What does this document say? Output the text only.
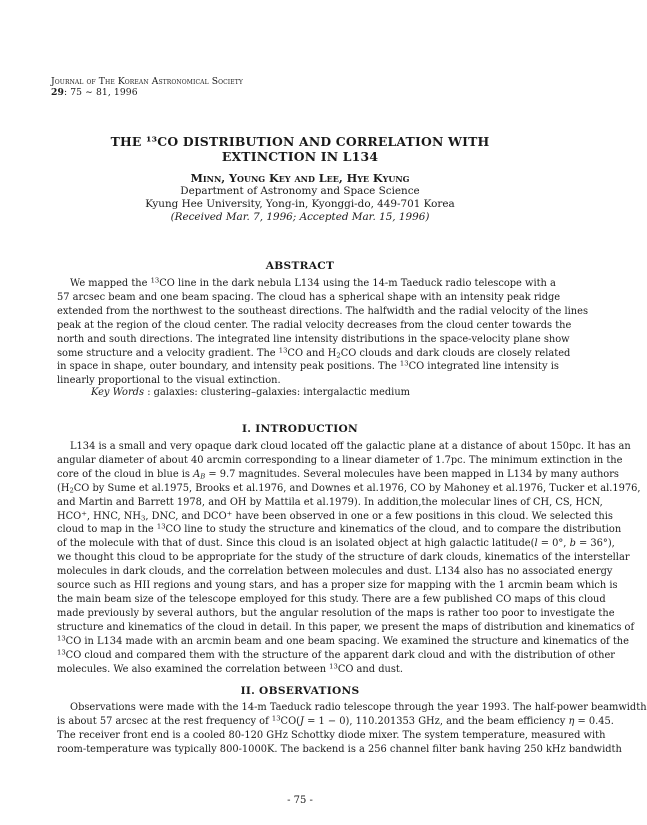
Journal of The Korean Astronomical Society
29: 75 ∼ 81, 1996
THE ¹³CO DISTRIBUTION AND CORRELATION WITH
EXTINCTION IN L134
Minn, Young Key and Lee, Hye Kyung
Department of Astronomy and Space Science
Kyung Hee University, Yong-in, Kyonggi-do, 449-701 Korea
(Received Mar. 7, 1996; Accepted Mar. 15, 1996)
ABSTRACT
We mapped the $^{13}$CO line in the dark nebula L134 using the 14-m Taeduck radio telescope with a
57 arcsec beam and one beam spacing. The cloud has a spherical shape with an intensity peak ridge
extended from the northwest to the southeast directions. The halfwidth and the radial velocity of the lines
peak at the region of the cloud center. The radial velocity decreases from the cloud center towards the
north and south directions. The integrated line intensity distributions in the space-velocity plane show
some structure and a velocity gradient. The $^{13}$CO and $H_2CO$ clouds and dark clouds are closely related
in space in shape, outer boundary, and intensity peak positions. The $^{13}$CO integrated line intensity is
linearly proportional to the visual extinction.
Key Words : galaxies: clustering–galaxies: intergalactic medium
I. INTRODUCTION
L134 is a small and very opaque dark cloud located off the galactic plane at a distance of about 150pc. It has an
angular diameter of about 40 arcmin corresponding to a linear diameter of 1.7pc. The minimum extinction in the
core of the cloud in blue is $A_B = 9.7$ magnitudes. Several molecules have been mapped in L134 by many authors
($H_2CO$ by Sume et al.1975, Brooks et al.1976, and Downes et al.1976, CO by Mahoney et al.1976, Tucker et al.1976,
and Martin and Barrett 1978, and OH by Mattila et al.1979). In addition,the molecular lines of CH, CS, HCN,
HCO+, HNC, $NH_3$, DNC, and DCO+ have been observed in one or a few positions in this cloud. We selected this
cloud to map in the $^{13}$CO line to study the structure and kinematics of the cloud, and to compare the distribution
of the molecule with that of dust. Since this cloud is an isolated object at high galactic latitude(l = 0°, b = 36°),
we thought this cloud to be appropriate for the study of the structure of dark clouds, kinematics of the interstellar
molecules in dark clouds, and the correlation between molecules and dust. L134 also has no associated energy
source such as HII regions and young stars, and has a proper size for mapping with the 1 arcmin beam which is
the main beam size of the telescope employed for this study. There are a few published CO maps of this cloud
made previously by several authors, but the angular resolution of the maps is rather too poor to investigate the
structure and kinematics of the cloud in detail. In this paper, we present the maps of distribution and kinematics of
$^{13}$CO in L134 made with an arcmin beam and one beam spacing. We examined the structure and kinematics of the
$^{13}$CO cloud and compared them with the structure of the apparent dark cloud and with the distribution of other
molecules. We also examined the correlation between $^{13}$CO and dust.
II. OBSERVATIONS
Observations were made with the 14-m Taeduck radio telescope through the year 1993. The half-power beamwidth
is about 57 arcsec at the rest frequency of $^{13}$CO(J = 1 − 0), 110.201353 GHz, and the beam efficiency η = 0.45.
The receiver front end is a cooled 80-120 GHz Schottky diode mixer. The system temperature, measured with
room-temperature was typically 800-1000K. The backend is a 256 channel filter bank having 250 kHz bandwidth
- 75 -
